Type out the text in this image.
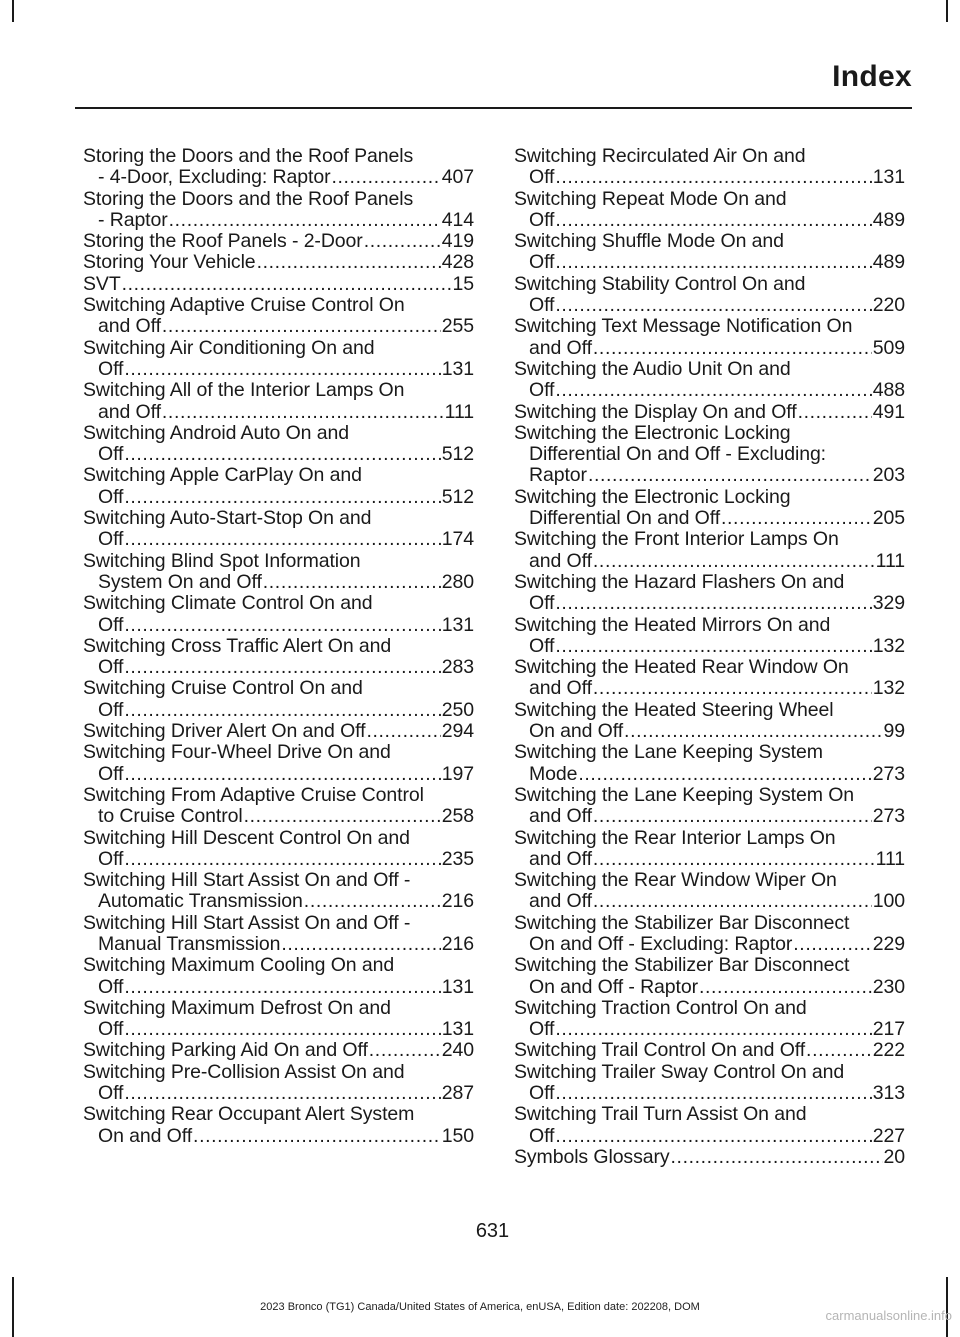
Index
Storing the Doors and the Roof Panels
- 4-Door, Excluding: Raptor .....	407
Storing the Doors and the Roof Panels
- Raptor .....	414
Storing the Roof Panels - 2-Door .....	419
Storing Your Vehicle .....	428
SVT .....	15
Switching Adaptive Cruise Control On
and Off .....	255
Switching Air Conditioning On and
Off .....	131
Switching All of the Interior Lamps On
and Off .....	111
Switching Android Auto On and
Off .....	512
Switching Apple CarPlay On and
Off .....	512
Switching Auto-Start-Stop On and
Off .....	174
Switching Blind Spot Information
System On and Off .....	280
Switching Climate Control On and
Off .....	131
Switching Cross Traffic Alert On and
Off .....	283
Switching Cruise Control On and
Off .....	250
Switching Driver Alert On and Off .....	294
Switching Four-Wheel Drive On and
Off .....	197
Switching From Adaptive Cruise Control
to Cruise Control .....	258
Switching Hill Descent Control On and
Off .....	235
Switching Hill Start Assist On and Off -
Automatic Transmission .....	216
Switching Hill Start Assist On and Off -
Manual Transmission .....	216
Switching Maximum Cooling On and
Off .....	131
Switching Maximum Defrost On and
Off .....	131
Switching Parking Aid On and Off .....	240
Switching Pre-Collision Assist On and
Off .....	287
Switching Rear Occupant Alert System
On and Off .....	150
Switching Recirculated Air On and
Off .....	131
Switching Repeat Mode On and
Off .....	489
Switching Shuffle Mode On and
Off .....	489
Switching Stability Control On and
Off .....	220
Switching Text Message Notification On
and Off .....	509
Switching the Audio Unit On and
Off .....	488
Switching the Display On and Off .....	491
Switching the Electronic Locking
Differential On and Off - Excluding:
Raptor .....	203
Switching the Electronic Locking
Differential On and Off .....	205
Switching the Front Interior Lamps On
and Off .....	111
Switching the Hazard Flashers On and
Off .....	329
Switching the Heated Mirrors On and
Off .....	132
Switching the Heated Rear Window On
and Off .....	132
Switching the Heated Steering Wheel
On and Off .....	99
Switching the Lane Keeping System
Mode .....	273
Switching the Lane Keeping System On
and Off .....	273
Switching the Rear Interior Lamps On
and Off .....	111
Switching the Rear Window Wiper On
and Off .....	100
Switching the Stabilizer Bar Disconnect
On and Off - Excluding: Raptor .....	229
Switching the Stabilizer Bar Disconnect
On and Off - Raptor .....	230
Switching Traction Control On and
Off .....	217
Switching Trail Control On and Off .....	222
Switching Trailer Sway Control On and
Off .....	313
Switching Trail Turn Assist On and
Off .....	227
Symbols Glossary .....	20
631
2023 Bronco (TG1) Canada/United States of America, enUSA, Edition date: 202208, DOM
carmanualsonline.info
